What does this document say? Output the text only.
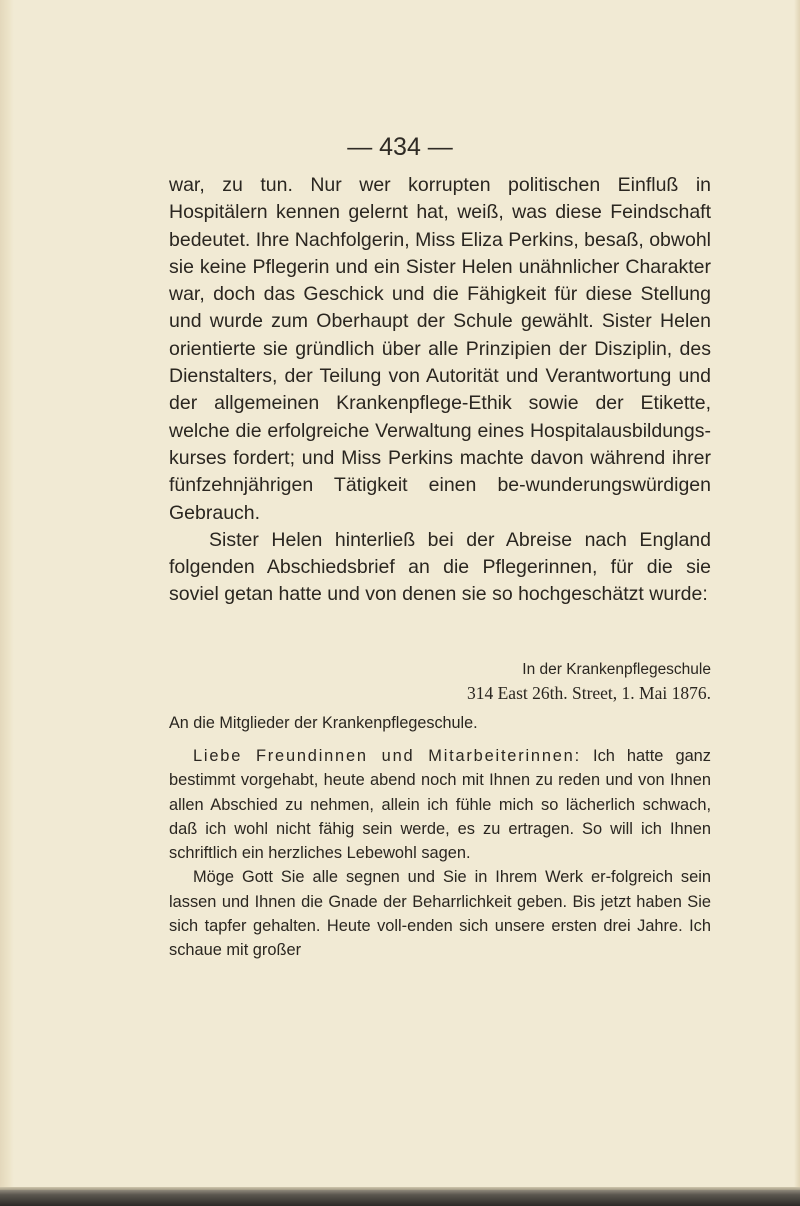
— 434 —

war, zu tun. Nur wer korrupten politischen Einfluß in Hospitälern kennen gelernt hat, weiß, was diese Feindschaft bedeutet. Ihre Nachfolgerin, Miss Eliza Perkins, besaß, obwohl sie keine Pflegerin und ein Sister Helen unähnlicher Charakter war, doch das Geschick und die Fähigkeit für diese Stellung und wurde zum Oberhaupt der Schule gewählt. Sister Helen orientierte sie gründlich über alle Prinzipien der Disziplin, des Dienstalters, der Teilung von Autorität und Verantwortung und der allgemeinen Krankenpflege-Ethik sowie der Etikette, welche die erfolgreiche Verwaltung eines Hospitalausbildungs-kurses fordert; und Miss Perkins machte davon während ihrer fünfzehnjährigen Tätigkeit einen be-wunderungswürdigen Gebrauch.

Sister Helen hinterließ bei der Abreise nach England folgenden Abschiedsbrief an die Pflegerinnen, für die sie soviel getan hatte und von denen sie so hochgeschätzt wurde:

In der Krankenpflegeschule
314 East 26th. Street, 1. Mai 1876.
An die Mitglieder der Krankenpflegeschule.

Liebe Freundinnen und Mitarbeiterinnen: Ich hatte ganz bestimmt vorgehabt, heute abend noch mit Ihnen zu reden und von Ihnen allen Abschied zu nehmen, allein ich fühle mich so lächerlich schwach, daß ich wohl nicht fähig sein werde, es zu ertragen. So will ich Ihnen schriftlich ein herzliches Lebewohl sagen.

Möge Gott Sie alle segnen und Sie in Ihrem Werk er-folgreich sein lassen und Ihnen die Gnade der Beharrlichkeit geben. Bis jetzt haben Sie sich tapfer gehalten. Heute voll-enden sich unsere ersten drei Jahre. Ich schaue mit großer
